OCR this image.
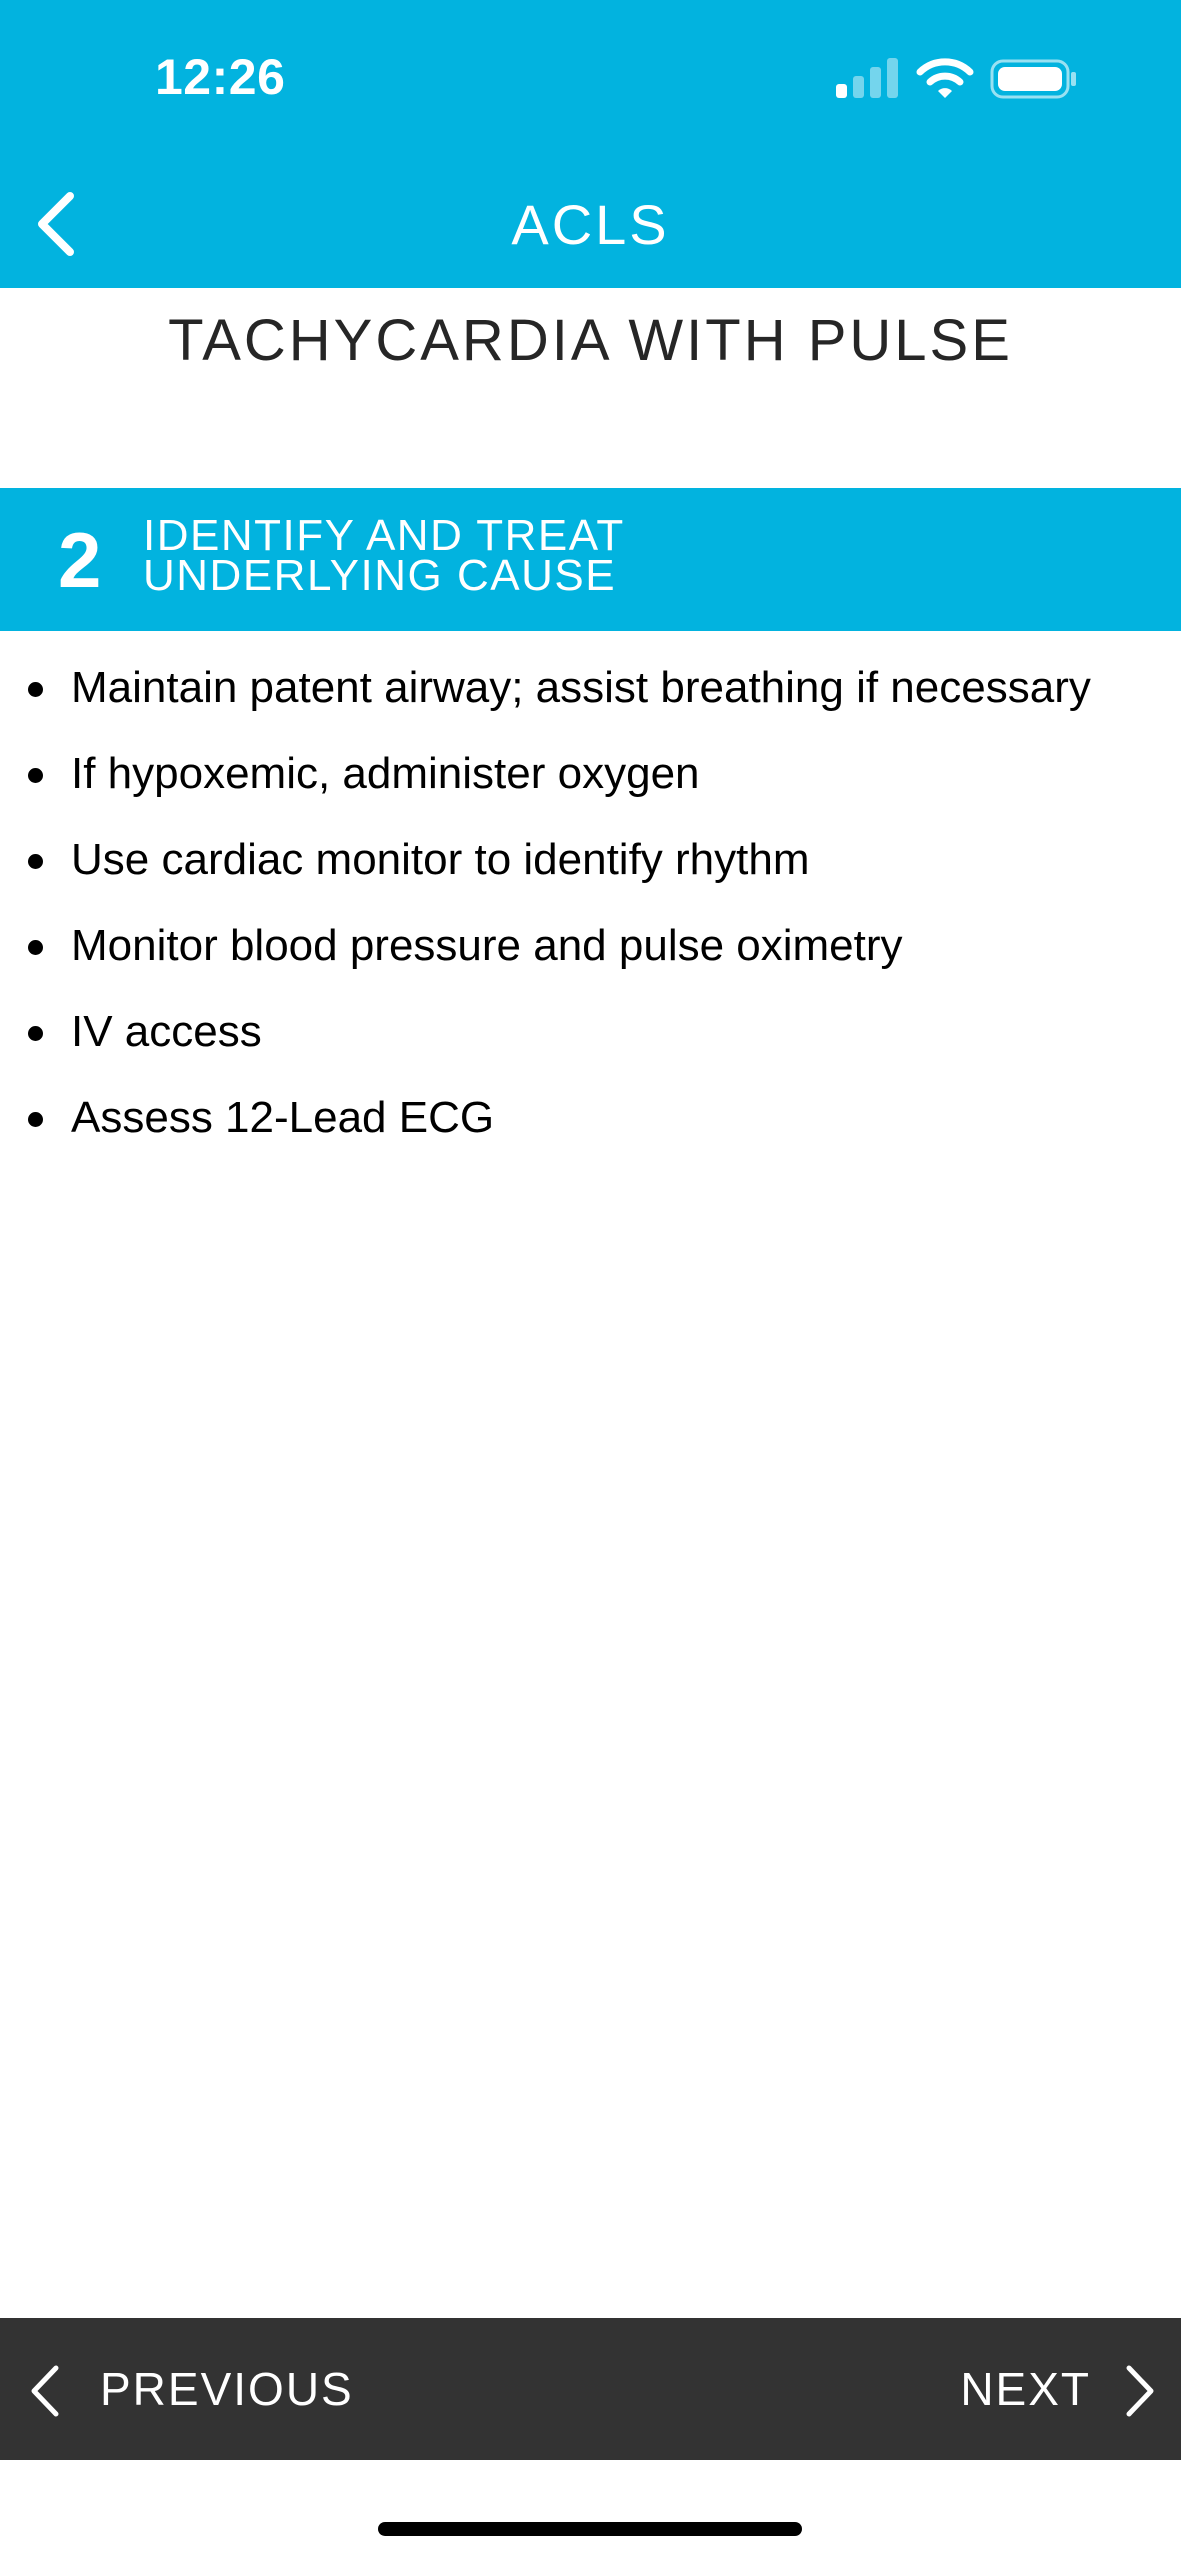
12:26
ACLS
TACHYCARDIA WITH PULSE
2 IDENTIFY AND TREAT
UNDERLYING CAUSE
Maintain patent airway; assist breathing if necessary
If hypoxemic, administer oxygen
Use cardiac monitor to identify rhythm
Monitor blood pressure and pulse oximetry
IV access
Assess 12-Lead ECG
PREVIOUS	NEXT
